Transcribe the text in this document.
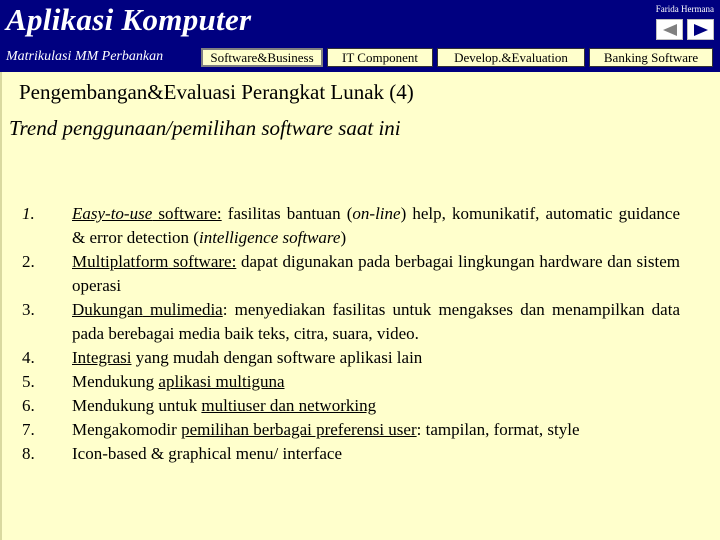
Aplikasi Komputer	Farida Hermana
Matrikulasi MM Perbankan	Software&Business	IT Component	Develop.&Evaluation	Banking Software
Pengembangan&Evaluasi Perangkat Lunak (4)
Trend penggunaan/pemilihan software saat ini
1.	Easy-to-use software: fasilitas bantuan (on-line) help, komunikatif, automatic guidance & error detection (intelligence software)
2.	Multiplatform software: dapat digunakan pada berbagai lingkungan hardware dan sistem operasi
3.	Dukungan mulimedia: menyediakan fasilitas untuk mengakses dan menampilkan data pada berebagai media baik teks, citra, suara, video.
4.	Integrasi yang mudah dengan software aplikasi lain
5.	Mendukung aplikasi multiguna
6.	Mendukung untuk multiuser dan networking
7.	Mengakomodir pemilihan berbagai preferensi user: tampilan, format, style
8.	Icon-based & graphical menu/ interface
